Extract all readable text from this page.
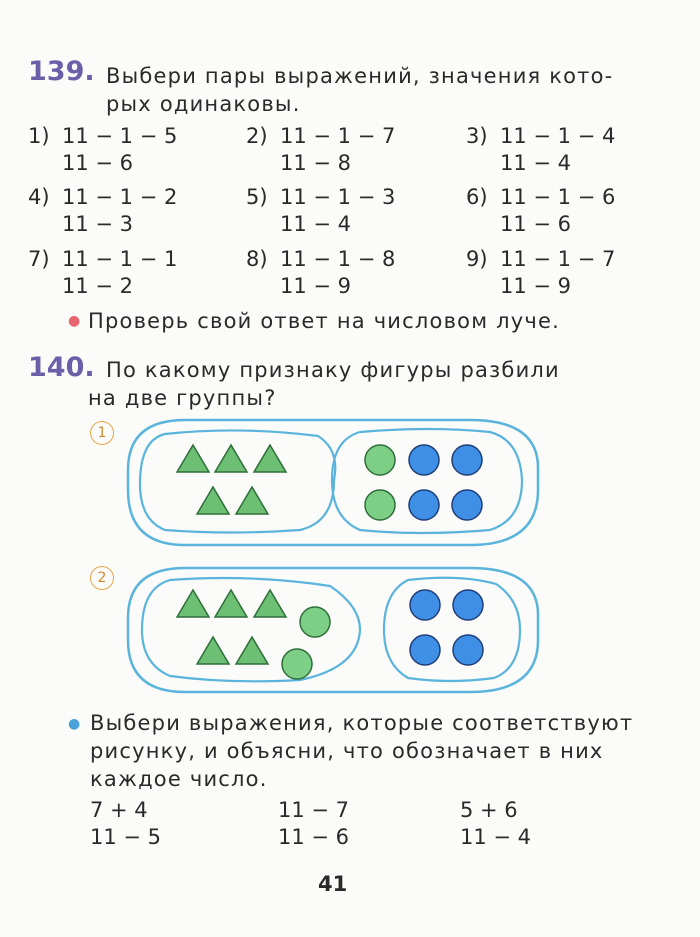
139. Выбери пары выражений, значения кото-
рых одинаковы.
1) 11 − 1 − 5
11 − 6
2) 11 − 1 − 7
11 − 8
3) 11 − 1 − 4
11 − 4
4) 11 − 1 − 2
11 − 3
5) 11 − 1 − 3
11 − 4
6) 11 − 1 − 6
11 − 6
7) 11 − 1 − 1
11 − 2
8) 11 − 1 − 8
11 − 9
9) 11 − 1 − 7
11 − 9
● Проверь свой ответ на числовом луче.
140. По какому признаку фигуры разбили
на две группы?
1
2
● Выбери выражения, которые соответствуют
рисунку, и объясни, что обозначает в них
каждое число.
7 + 4
11 − 5
11 − 7
11 − 6
5 + 6
11 − 4
41
